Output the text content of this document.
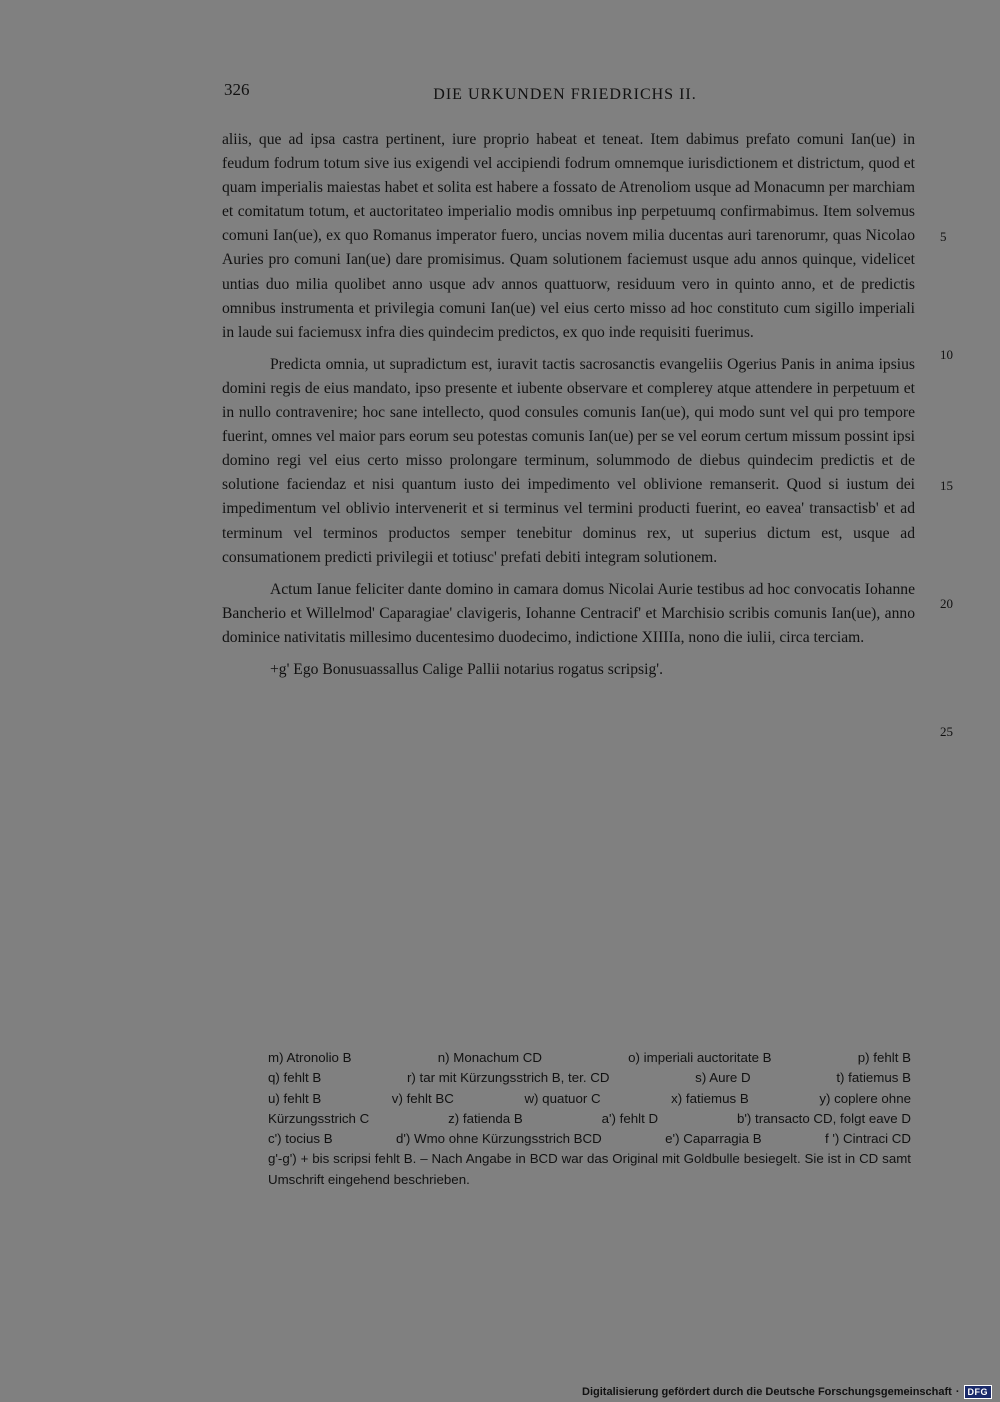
326	DIE URKUNDEN FRIEDRICHS II.

aliis, que ad ipsa castra pertinent, iure proprio habeat et teneat. Item dabimus prefato comuni Ian(ue) in feudum fodrum totum sive ius exigendi vel accipiendi fodrum omnemque iurisdictionem et districtum, quod et quam imperialis maiestas habet et solita est habere a fossato de Atrenoliom usque ad Monacumn per marchiam et comitatum totum, et auctoritateo imperialio modis omnibus inp perpetuumq confirmabimus. Item solvemus comuni Ian(ue), ex quo Romanus imperator fuero, uncias novem milia ducentas auri tarenorumr, quas Nicolao Auries pro comuni Ian(ue) dare promisimus. Quam solutionem faciemust usque adu annos quinque, videlicet untias duo milia quolibet anno usque adv annos quattuorw, residuum vero in quinto anno, et de predictis omnibus instrumenta et privilegia comuni Ian(ue) vel eius certo misso ad hoc constituto cum sigillo imperiali in laude sui faciemusx infra dies quindecim predictos, ex quo inde requisiti fuerimus.

Predicta omnia, ut supradictum est, iuravit tactis sacrosanctis evangeliis Ogerius Panis in anima ipsius domini regis de eius mandato, ipso presente et iubente observare et complerey atque attendere in perpetuum et in nullo contravenire; hoc sane intellecto, quod consules comunis Ian(ue), qui modo sunt vel qui pro tempore fuerint, omnes vel maior pars eorum seu potestas comunis Ian(ue) per se vel eorum certum missum possint ipsi domino regi vel eius certo misso prolongare terminum, solummodo de diebus quindecim predictis et de solutione faciendaz et nisi quantum iusto dei impedimento vel oblivione remanserit. Quod si iustum dei impedimentum vel oblivio intervenerit et si terminus vel termini producti fuerint, eo eavea' transactisb' et ad terminum vel terminos productos semper tenebitur dominus rex, ut superius dictum est, usque ad consumationem predicti privilegii et totiusc' prefati debiti integram solutionem.

Actum Ianue feliciter dante domino in camara domus Nicolai Aurie testibus ad hoc convocatis Iohanne Bancherio et Willelmod' Caparagiae' clavigeris, Iohanne Centracif' et Marchisio scribis comunis Ian(ue), anno dominice nativitatis millesimo ducentesimo duodecimo, indictione XIIIIa, nono die iulii, circa terciam.

+g' Ego Bonusuassallus Calige Pallii notarius rogatus scripsig'.

5
10
15
20
25
m) Atronolio B	n) Monachum CD	o) imperiali auctoritate B	p) fehlt B
q) fehlt B	r) tar mit Kürzungsstrich B, ter. CD	s) Aure D	t) fatiemus B
u) fehlt B	v) fehlt BC	w) quatuor C	x) fatiemus B	y) coplere ohne
Kürzungsstrich C	z) fatienda B	a') fehlt D	b') transacto CD, folgt eave D
c') tocius B	d') Wmo ohne Kürzungsstrich BCD	e') Caparragia B	f ') Cintraci CD
g'-g') + bis scripsi fehlt B. – Nach Angabe in BCD war das Original mit Goldbulle besiegelt. Sie ist in CD samt Umschrift eingehend beschrieben.
Digitalisierung gefördert durch die Deutsche Forschungsgemeinschaft · DFG
